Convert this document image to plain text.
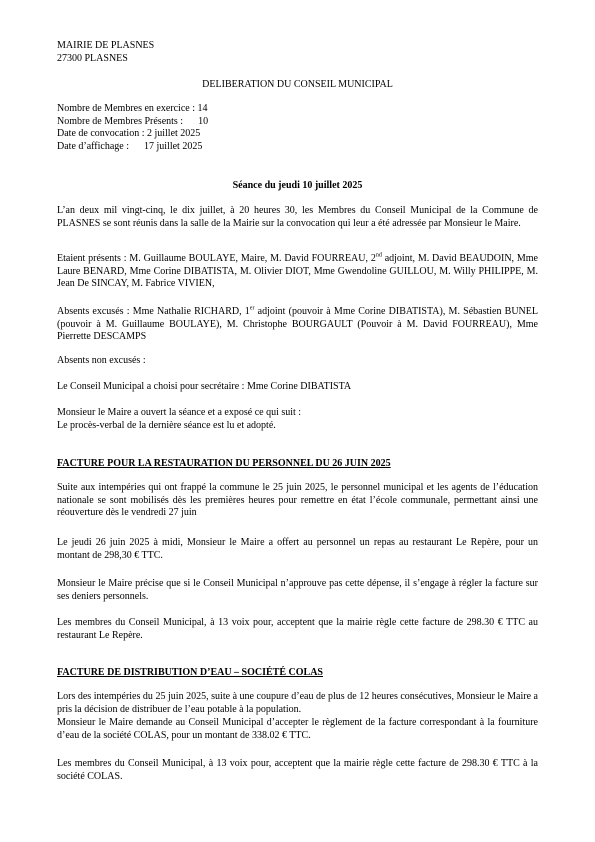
MAIRIE DE PLASNES
27300 PLASNES
DELIBERATION DU CONSEIL MUNICIPAL
Nombre de Membres en exercice : 14
Nombre de Membres Présents :      10
Date de convocation : 2 juillet 2025
Date d’affichage :      17 juillet 2025
Séance du jeudi 10 juillet 2025
L’an deux mil vingt-cinq, le dix juillet, à 20 heures 30, les Membres du Conseil Municipal de la Commune de PLASNES se sont réunis dans la salle de la Mairie sur la convocation qui leur a été adressée par Monsieur le Maire.
Etaient présents : M. Guillaume BOULAYE, Maire, M. David FOURREAU, 2nd adjoint, M. David BEAUDOIN, Mme Laure BENARD, Mme Corine DIBATISTA, M. Olivier DIOT, Mme Gwendoline GUILLOU, M. Willy PHILIPPE, M. Jean De SINCAY, M. Fabrice VIVIEN,
Absents excusés : Mme Nathalie RICHARD, 1er adjoint (pouvoir à Mme Corine DIBATISTA), M. Sébastien BUNEL (pouvoir à M. Guillaume BOULAYE), M. Christophe BOURGAULT (Pouvoir à M. David FOURREAU), Mme Pierrette DESCAMPS
Absents non excusés :
Le Conseil Municipal a choisi pour secrétaire : Mme Corine DIBATISTA
Monsieur le Maire a ouvert la séance et a exposé ce qui suit :
Le procès-verbal de la dernière séance est lu et adopté.
FACTURE POUR LA RESTAURATION DU PERSONNEL DU 26 JUIN 2025
Suite aux intempéries qui ont frappé la commune le 25 juin 2025, le personnel municipal et les agents de l’éducation nationale se sont mobilisés dès les premières heures pour remettre en état l’école communale, permettant ainsi une réouverture dès le vendredi 27 juin
Le jeudi 26 juin 2025 à midi, Monsieur le Maire a offert au personnel un repas au restaurant Le Repère, pour un montant de 298,30 € TTC.
Monsieur le Maire précise que si le Conseil Municipal n’approuve pas cette dépense, il s’engage à régler la facture sur ses deniers personnels.
Les membres du Conseil Municipal, à 13 voix pour, acceptent que la mairie règle cette facture de 298.30 € TTC au restaurant Le Repère.
FACTURE DE DISTRIBUTION D’EAU – SOCIÉTÉ COLAS
Lors des intempéries du 25 juin 2025, suite à une coupure d’eau de plus de 12 heures consécutives, Monsieur le Maire a pris la décision de distribuer de l’eau potable à la population.
Monsieur le Maire demande au Conseil Municipal d’accepter le règlement de la facture correspondant à la fourniture d’eau de la société COLAS, pour un montant de 338.02 € TTC.
Les membres du Conseil Municipal, à 13 voix pour, acceptent que la mairie règle cette facture de 298.30 € TTC à la société COLAS.
